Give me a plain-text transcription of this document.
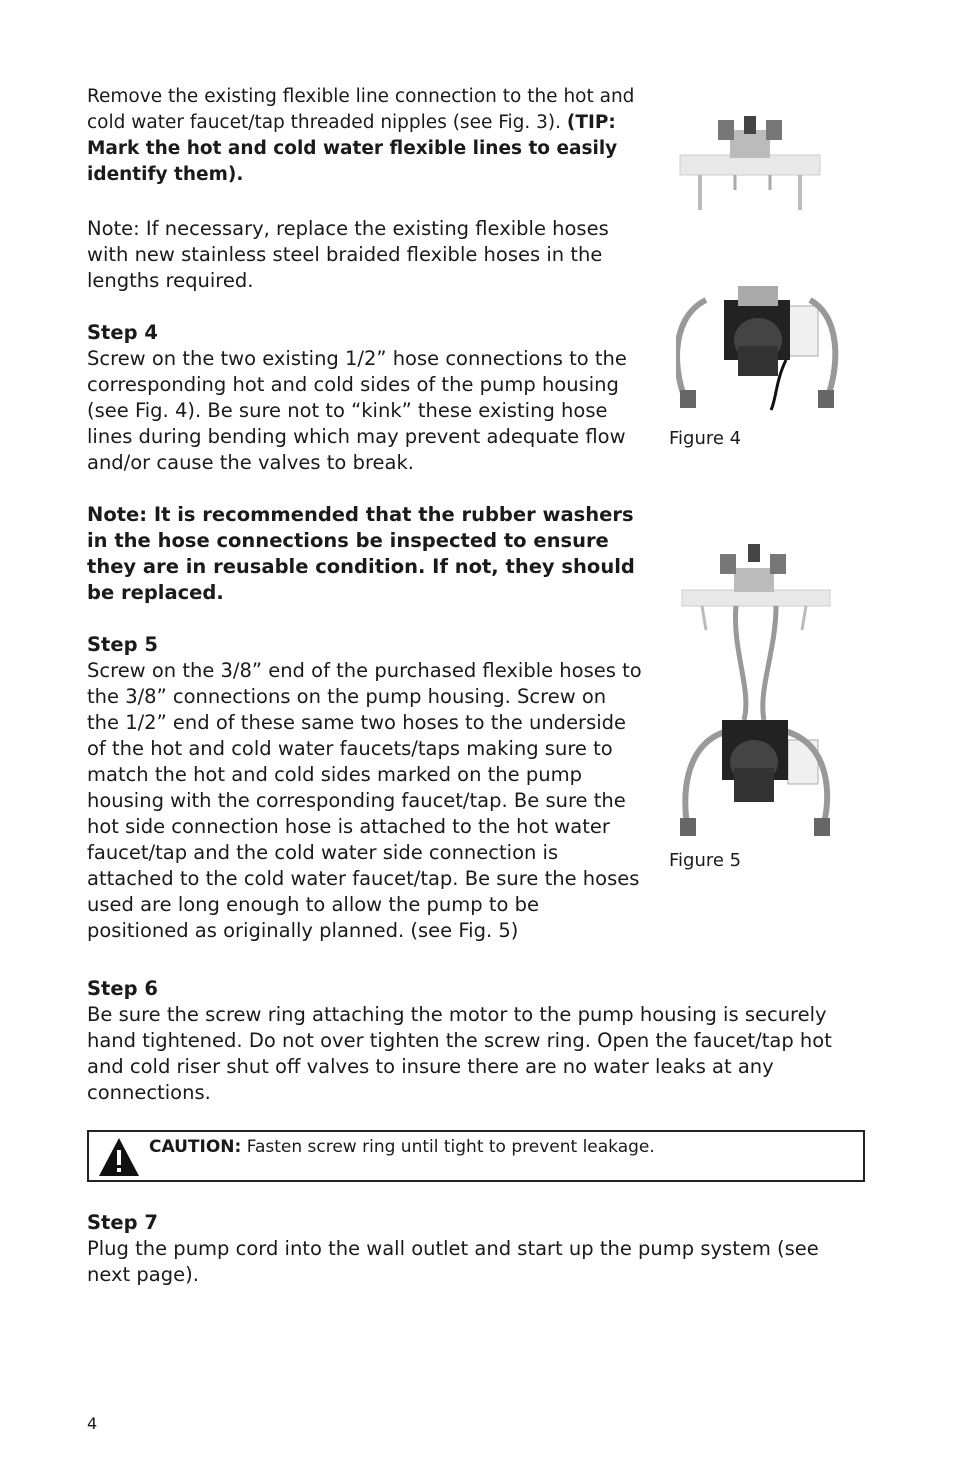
Remove the existing flexible line connection to the hot and cold water faucet/tap threaded nipples (see Fig. 3). (TIP: Mark the hot and cold water flexible lines to easily identify them).

Note: If necessary, replace the existing flexible hoses with new stainless steel braided flexible hoses in the lengths required.

Step 4

Screw on the two existing 1/2” hose connections to the corresponding hot and cold sides of the pump housing (see Fig. 4). Be sure not to “kink” these existing hose lines during bending which may prevent adequate flow and/or cause the valves to break.

Note: It is recommended that the rubber washers in the hose connections be inspected to ensure they are in reusable condition. If not, they should be replaced.

Step 5

Screw on the 3/8” end of the purchased flexible hoses to the 3/8” connections on the pump housing. Screw on the 1/2” end of these same two hoses to the underside of the hot and cold water faucets/taps making sure to match the hot and cold sides marked on the pump housing with the corresponding faucet/tap. Be sure the hot side connection hose is attached to the hot water faucet/tap and the cold water side connection is attached to the cold water faucet/tap. Be sure the hoses used are long enough to allow the pump to be positioned as originally planned. (see Fig. 5)

Step 6

Be sure the screw ring attaching the motor to the pump housing is securely hand tightened. Do not over tighten the screw ring. Open the faucet/tap hot and cold riser shut off valves to insure there are no water leaks at any connections.

CAUTION: Fasten screw ring until tight to prevent leakage.
Step 7

Plug the pump cord into the wall outlet and start up the pump system (see next page).

Figure 4
Figure 5
4
